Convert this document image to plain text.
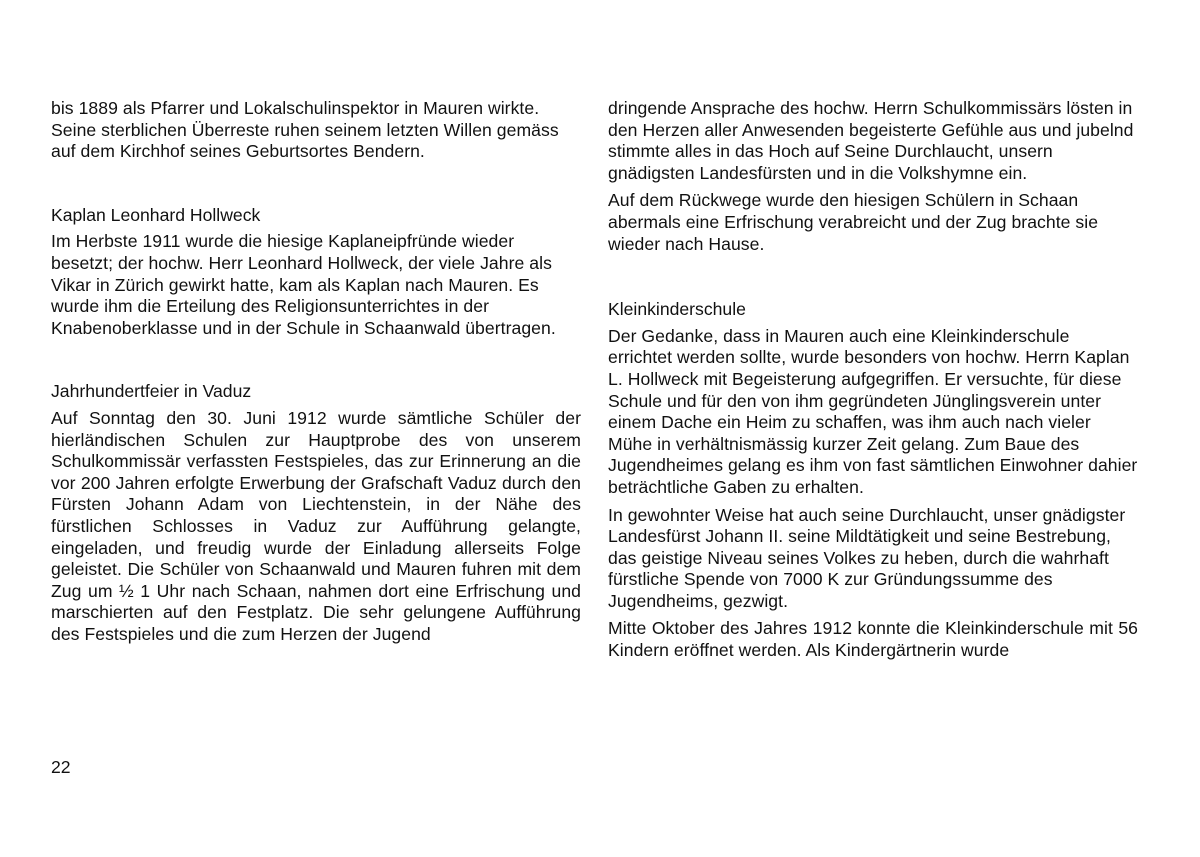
bis 1889 als Pfarrer und Lokalschulinspektor in Mauren wirkte. Seine sterblichen Überreste ruhen seinem letzten Willen gemäss auf dem Kirchhof seines Geburtsortes Bendern.

Kaplan Leonhard Hollweck

Im Herbste 1911 wurde die hiesige Kaplaneipfründe wieder besetzt; der hochw. Herr Leonhard Hollweck, der viele Jahre als Vikar in Zürich gewirkt hatte, kam als Kaplan nach Mauren. Es wurde ihm die Erteilung des Religionsunterrichtes in der Knabenoberklasse und in der Schule in Schaanwald übertragen.

Jahrhundertfeier in Vaduz

Auf Sonntag den 30. Juni 1912 wurde sämtliche Schüler der hierländischen Schulen zur Hauptprobe des von unserem Schulkommissär verfassten Festspieles, das zur Erinnerung an die vor 200 Jahren erfolgte Erwerbung der Grafschaft Vaduz durch den Fürsten Johann Adam von Liechtenstein, in der Nähe des fürstlichen Schlosses in Vaduz zur Aufführung gelangte, eingeladen, und freudig wurde der Einladung allerseits Folge geleistet. Die Schüler von Schaanwald und Mauren fuhren mit dem Zug um ½ 1 Uhr nach Schaan, nahmen dort eine Erfrischung und marschierten auf den Festplatz. Die sehr gelungene Aufführung des Festspieles und die zum Herzen der Jugend

dringende Ansprache des hochw. Herrn Schulkommissärs lösten in den Herzen aller Anwesenden begeisterte Gefühle aus und jubelnd stimmte alles in das Hoch auf Seine Durchlaucht, unsern gnädigsten Landesfürsten und in die Volkshymne ein.

Auf dem Rückwege wurde den hiesigen Schülern in Schaan abermals eine Erfrischung verabreicht und der Zug brachte sie wieder nach Hause.

Kleinkinderschule

Der Gedanke, dass in Mauren auch eine Kleinkinderschule errichtet werden sollte, wurde besonders von hochw. Herrn Kaplan L. Hollweck mit Begeisterung aufgegriffen. Er versuchte, für diese Schule und für den von ihm gegründeten Jünglingsverein unter einem Dache ein Heim zu schaffen, was ihm auch nach vieler Mühe in verhältnismässig kurzer Zeit gelang. Zum Baue des Jugendheimes gelang es ihm von fast sämtlichen Einwohner dahier beträchtliche Gaben zu erhalten.

In gewohnter Weise hat auch seine Durchlaucht, unser gnädigster Landesfürst Johann II. seine Mildtätigkeit und seine Bestrebung, das geistige Niveau seines Volkes zu heben, durch die wahrhaft fürstliche Spende von 7000 K zur Gründungssumme des Jugendheims, gezwigt.

Mitte Oktober des Jahres 1912 konnte die Kleinkinderschule mit 56 Kindern eröffnet werden. Als Kindergärtnerin wurde

22
